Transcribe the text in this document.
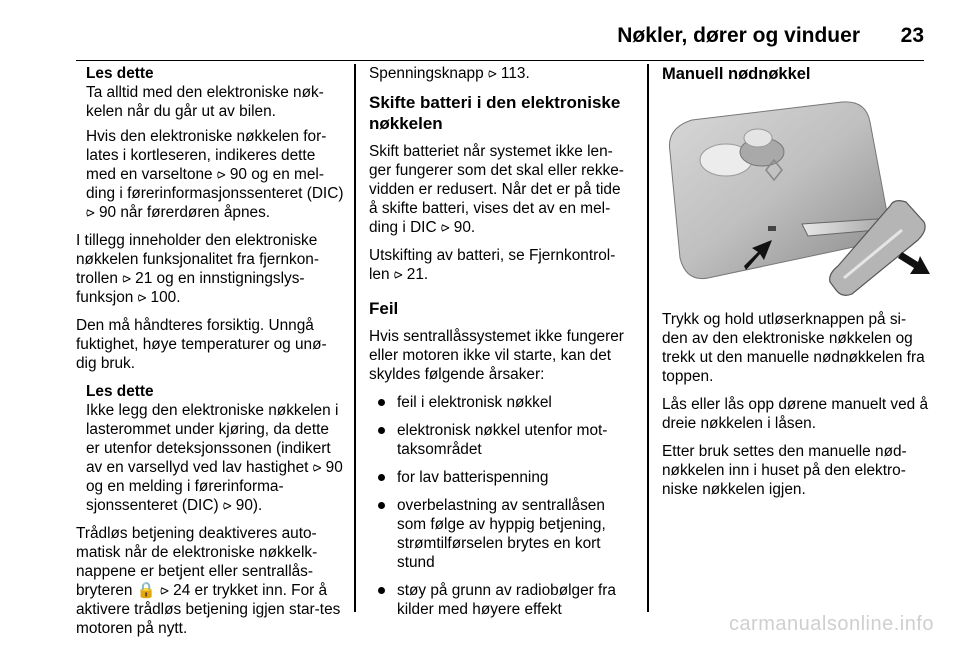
Nøkler, dører og vinduer 23
Les dette

Ta alltid med den elektroniske nøk-kelen når du går ut av bilen.

Hvis den elektroniske nøkkelen for-lates i kortleseren, indikeres dette med en varseltone ⪧ 90 og en mel-ding i førerinformasjonssenteret (DIC) ⪧ 90 når førerdøren åpnes.

I tillegg inneholder den elektroniske nøkkelen funksjonalitet fra fjernkon-trollen ⪧ 21 og en innstigningslys-funksjon ⪧ 100.

Den må håndteres forsiktig. Unngå fuktighet, høye temperaturer og unø-dig bruk.

Les dette

Ikke legg den elektroniske nøkkelen i lasterommet under kjøring, da dette er utenfor deteksjonssonen (indikert av en varsellyd ved lav hastighet ⪧ 90 og en melding i førerinforma-sjonssenteret (DIC) ⪧ 90).

Trådløs betjening deaktiveres auto-matisk når de elektroniske nøkkelk-nappene er betjent eller sentrallås-bryteren 🔒 ⪧ 24 er trykket inn. For å aktivere trådløs betjening igjen star-tes motoren på nytt.

Spenningsknapp ⪧ 113.

Skifte batteri i den elektroniske nøkkelen

Skift batteriet når systemet ikke len-ger fungerer som det skal eller rekke-vidden er redusert. Når det er på tide å skifte batteri, vises det av en mel-ding i DIC ⪧ 90.

Utskifting av batteri, se Fjernkontrol-len ⪧ 21.

Feil

Hvis sentrallåssystemet ikke fungerer eller motoren ikke vil starte, kan det skyldes følgende årsaker:

feil i elektronisk nøkkel
elektronisk nøkkel utenfor mot-taksområdet
for lav batterispenning
overbelastning av sentrallåsen som følge av hyppig betjening, strømtilførselen brytes en kort stund
støy på grunn av radiobølger fra kilder med høyere effekt
Manuell nødnøkkel

Trykk og hold utløserknappen på si-den av den elektroniske nøkkelen og trekk ut den manuelle nødnøkkelen fra toppen.

Lås eller lås opp dørene manuelt ved å dreie nøkkelen i låsen.

Etter bruk settes den manuelle nød-nøkkelen inn i huset på den elektro-niske nøkkelen igjen.

carmanualsonline.info
